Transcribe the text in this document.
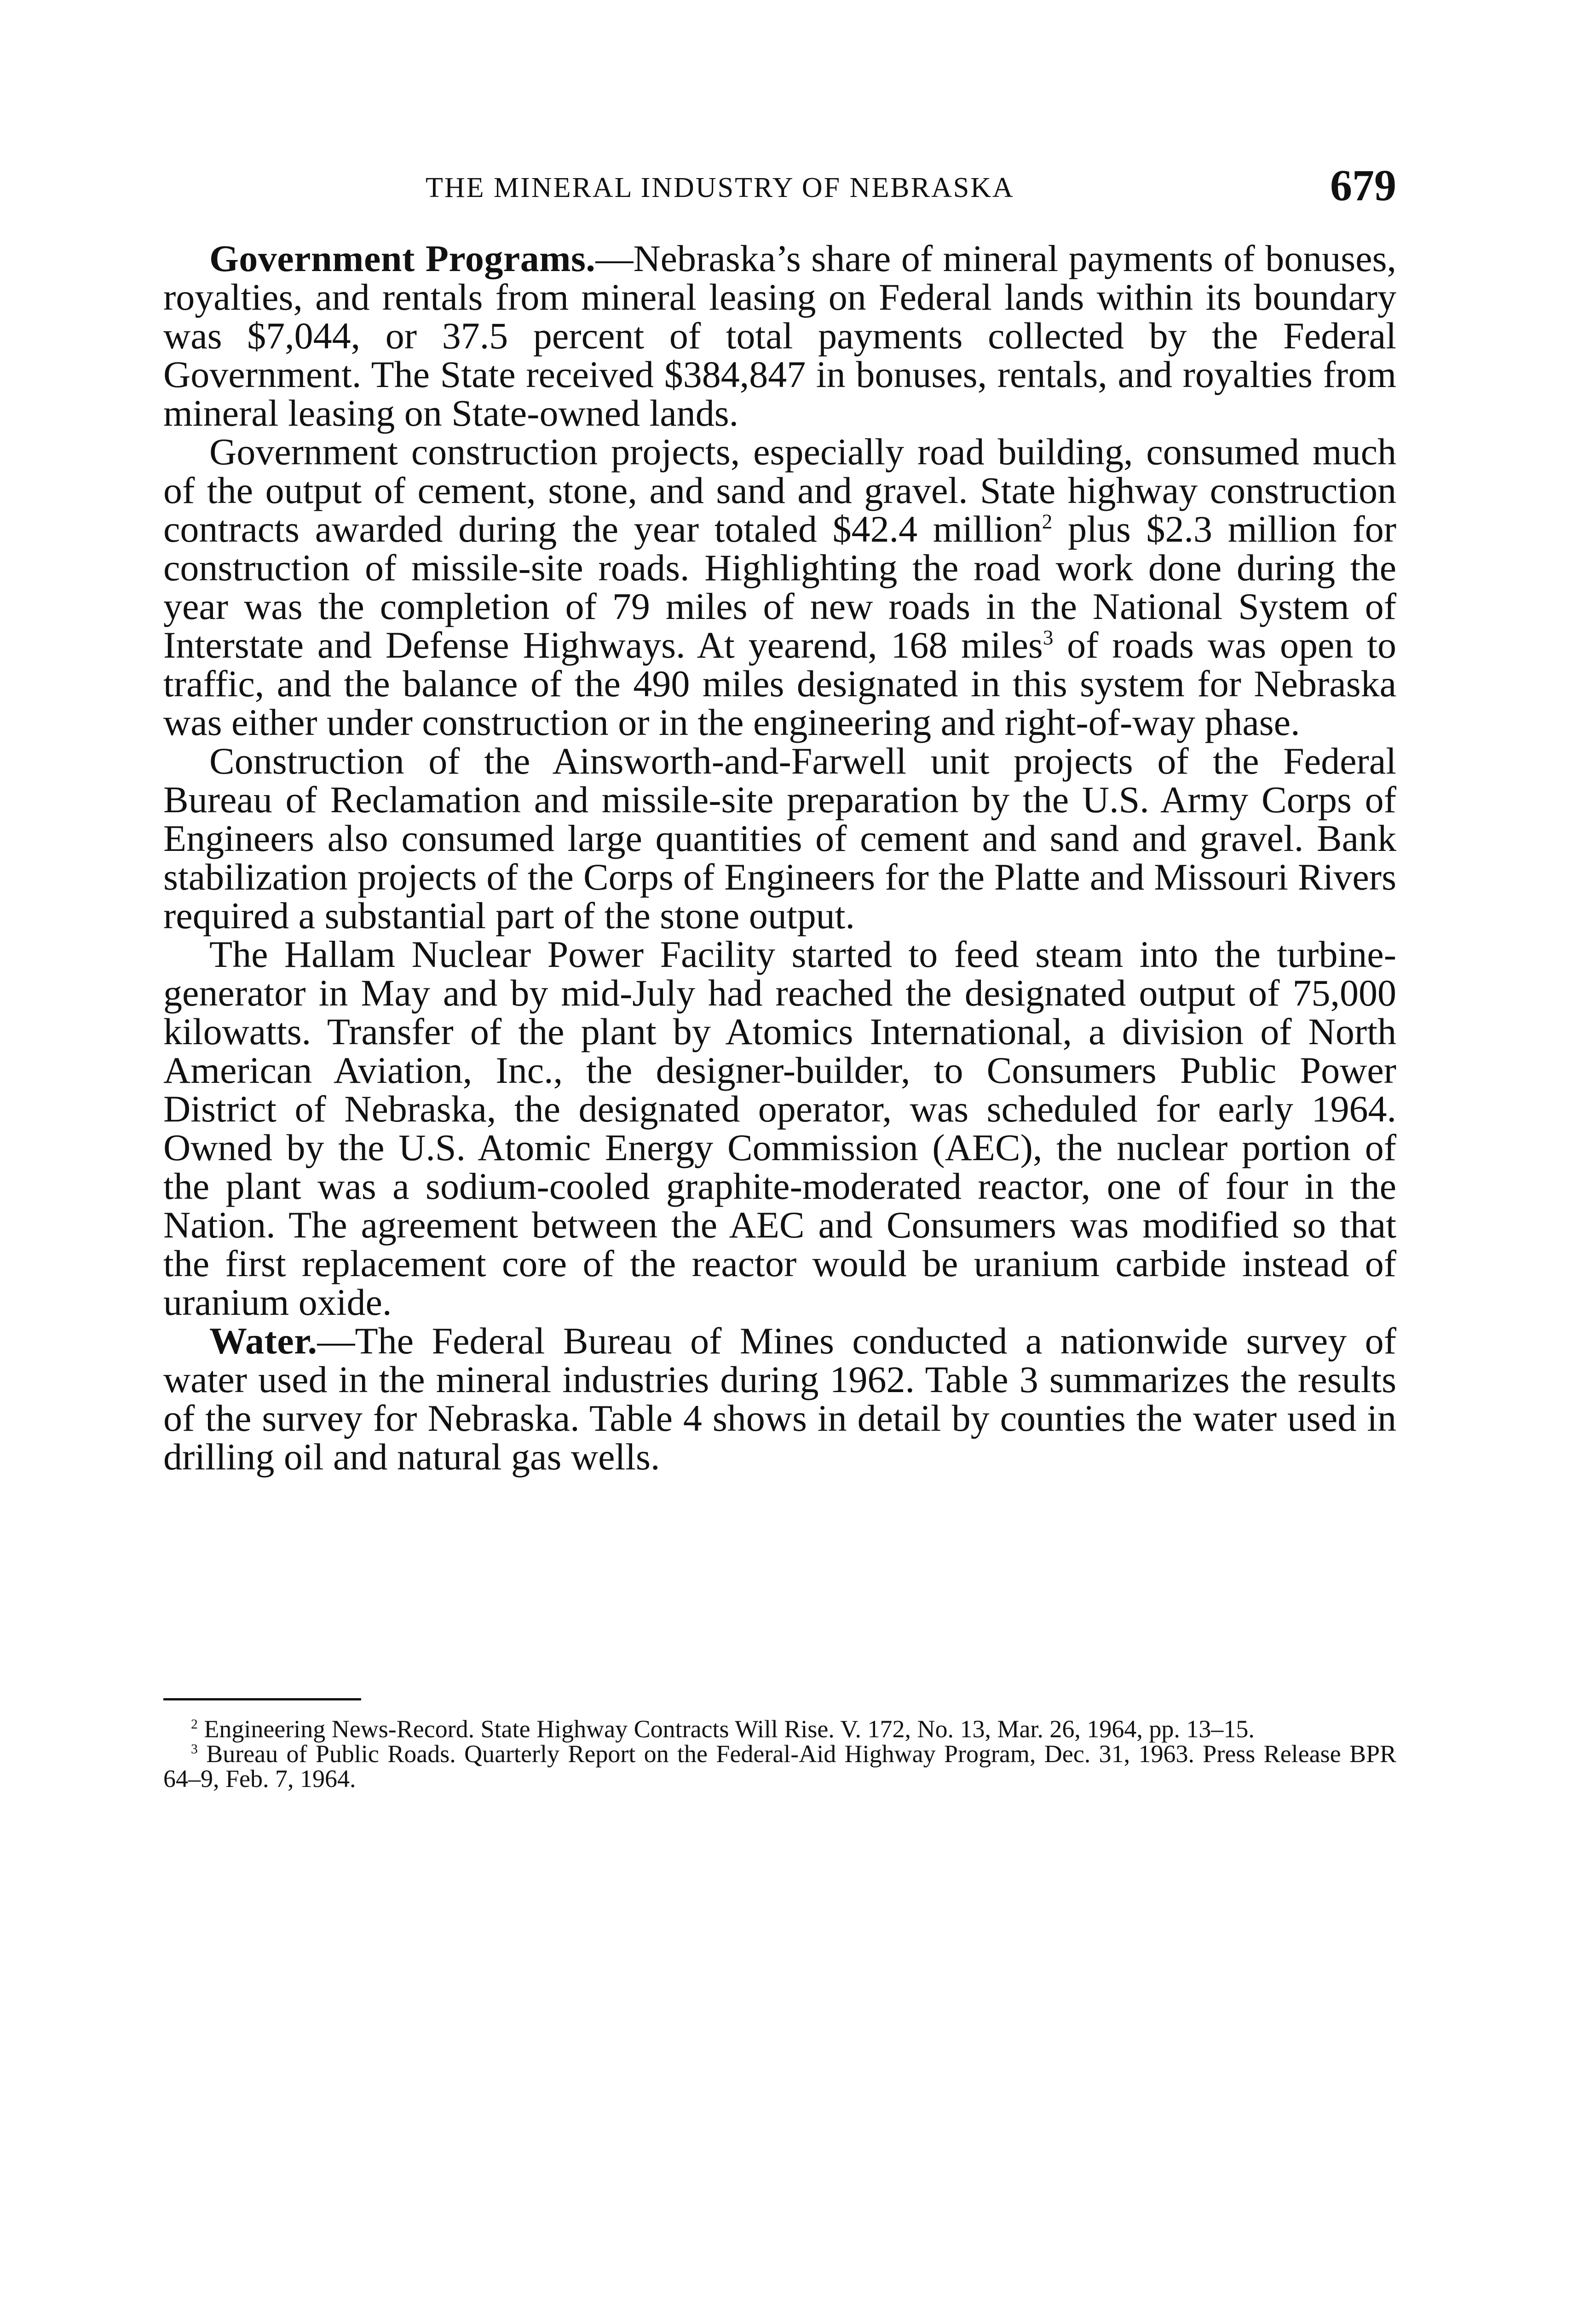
THE MINERAL INDUSTRY OF NEBRASKA	679

Government Programs.—Nebraska’s share of mineral payments of bonuses, royalties, and rentals from mineral leasing on Federal lands within its boundary was $7,044, or 37.5 percent of total payments collected by the Federal Government. The State received $384,847 in bonuses, rentals, and royalties from mineral leasing on State-owned lands.

Government construction projects, especially road building, consumed much of the output of cement, stone, and sand and gravel. State highway construction contracts awarded during the year totaled $42.4 million$^2$ plus $2.3 million for construction of missile-site roads. Highlighting the road work done during the year was the completion of 79 miles of new roads in the National System of Interstate and Defense Highways. At yearend, 168 miles$^3$ of roads was open to traffic, and the balance of the 490 miles designated in this system for Nebraska was either under construction or in the engineering and right-of-way phase.

Construction of the Ainsworth-and-Farwell unit projects of the Federal Bureau of Reclamation and missile-site preparation by the U.S. Army Corps of Engineers also consumed large quantities of cement and sand and gravel. Bank stabilization projects of the Corps of Engineers for the Platte and Missouri Rivers required a substantial part of the stone output.

The Hallam Nuclear Power Facility started to feed steam into the turbine-generator in May and by mid-July had reached the designated output of 75,000 kilowatts. Transfer of the plant by Atomics International, a division of North American Aviation, Inc., the designer-builder, to Consumers Public Power District of Nebraska, the designated operator, was scheduled for early 1964. Owned by the U.S. Atomic Energy Commission (AEC), the nuclear portion of the plant was a sodium-cooled graphite-moderated reactor, one of four in the Nation. The agreement between the AEC and Consumers was modified so that the first replacement core of the reactor would be uranium carbide instead of uranium oxide.

Water.—The Federal Bureau of Mines conducted a nationwide survey of water used in the mineral industries during 1962. Table 3 summarizes the results of the survey for Nebraska. Table 4 shows in detail by counties the water used in drilling oil and natural gas wells.

$^2$ Engineering News-Record. State Highway Contracts Will Rise. V. 172, No. 13, Mar. 26, 1964, pp. 13–15.

$^3$ Bureau of Public Roads. Quarterly Report on the Federal-Aid Highway Program, Dec. 31, 1963. Press Release BPR 64–9, Feb. 7, 1964.
